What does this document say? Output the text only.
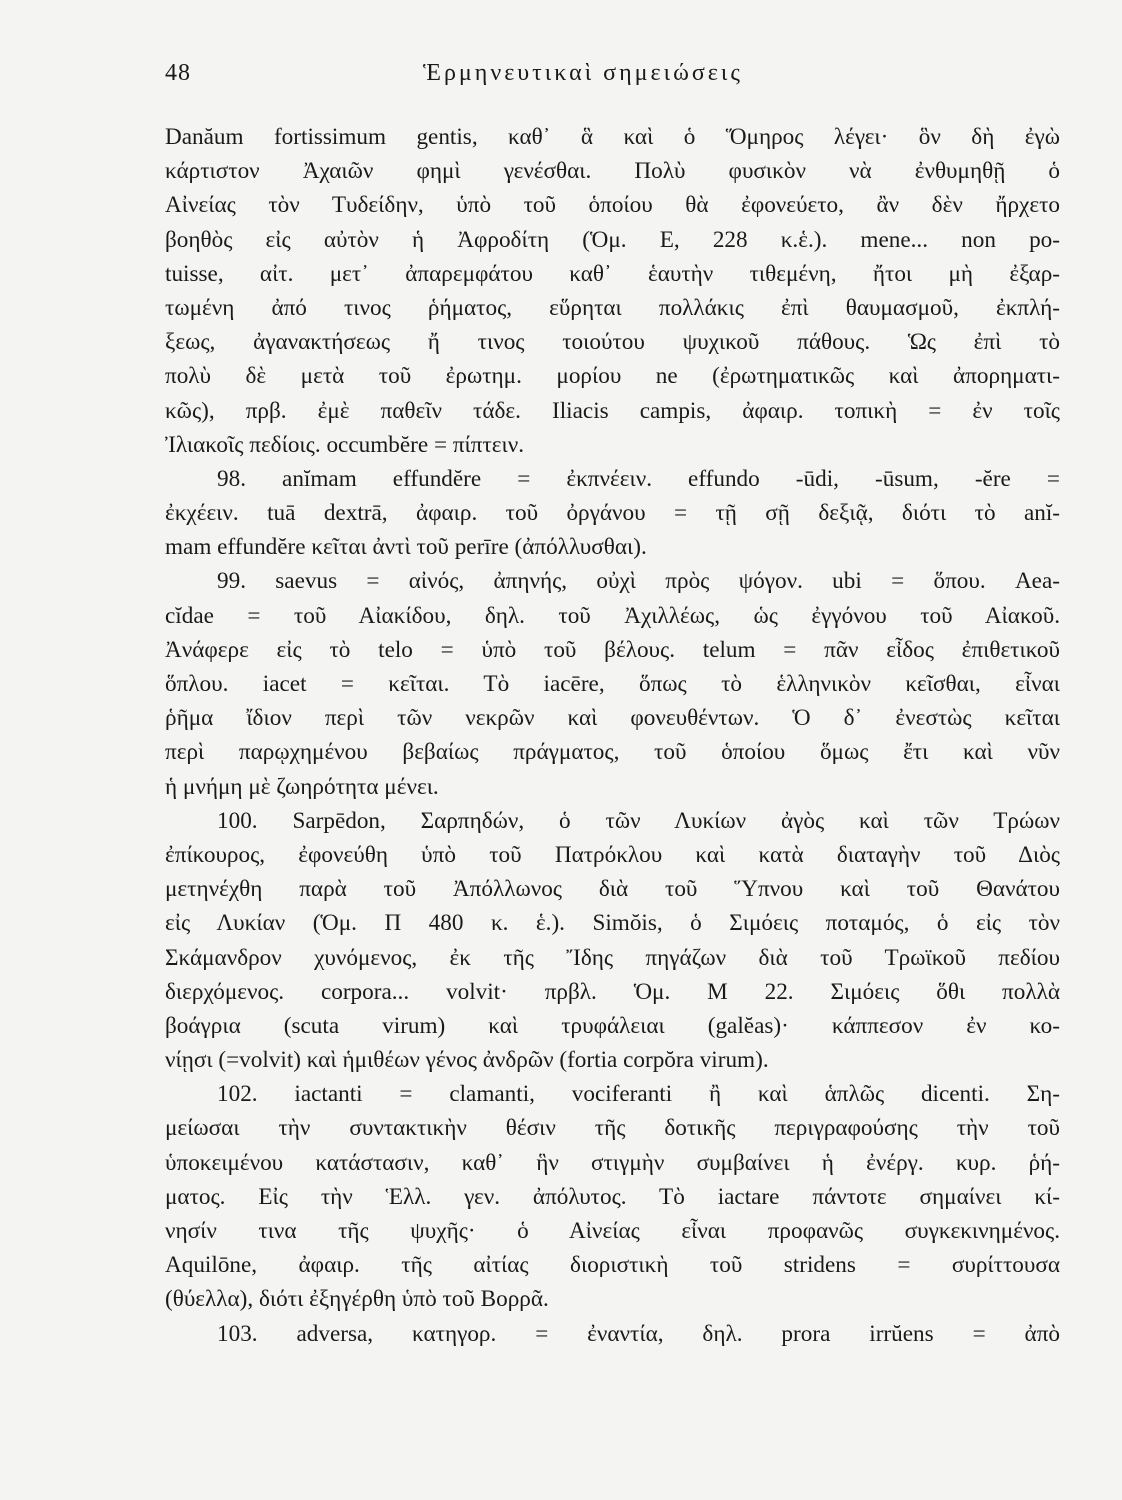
48	Ἑρμηνευτικαὶ σημειώσεις
Danăum fortissimum gentis, καθ᾽ ἃ καὶ ὁ Ὅμηρος λέγει· ὃν δὴ ἐγὼ
κάρτιστον Ἀχαιῶν φημὶ γενέσθαι. Πολὺ φυσικὸν νὰ ἐνθυμηθῇ ὁ
Αἰνείας τὸν Τυδείδην, ὑπὸ τοῦ ὁποίου θὰ ἐφονεύετο, ἂν δὲν ἤρχετο
βοηθὸς εἰς αὐτὸν ἡ Ἀφροδίτη (Ὁμ. Ε, 228 κ.ἑ.). mene... non po-
tuisse, αἰτ. μετ᾽ ἀπαρεμφάτου καθ᾽ ἑαυτὴν τιθεμένη, ἤτοι μὴ ἐξαρ-
τωμένη ἀπό τινος ῥήματος, εὕρηται πολλάκις ἐπὶ θαυμασμοῦ, ἐκπλή-
ξεως, ἀγανακτήσεως ἤ τινος τοιούτου ψυχικοῦ πάθους. Ὡς ἐπὶ τὸ
πολὺ δὲ μετὰ τοῦ ἐρωτημ. μορίου ne (ἐρωτηματικῶς καὶ ἀπορηματι-
κῶς), πρβ. ἐμὲ παθεῖν τάδε. Iliacis campis, ἀφαιρ. τοπικὴ = ἐν τοῖς
Ἰλιακοῖς πεδίοις. occumbĕre = πίπτειν.
98. anĭmam effundĕre = ἐκπνέειν. effundo -ūdi, -ūsum, -ĕre =
ἐκχέειν. tuā dextrā, ἀφαιρ. τοῦ ὀργάνου = τῇ σῇ δεξιᾷ, διότι τὸ anĭ-
mam effundĕre κεῖται ἀντὶ τοῦ perīre (ἀπόλλυσθαι).
99. saevus = αἰνός, ἀπηνής, οὐχὶ πρὸς ψόγον. ubi = ὅπου. Aea-
cĭdae = τοῦ Αἰακίδου, δηλ. τοῦ Ἀχιλλέως, ὡς ἐγγόνου τοῦ Αἰακοῦ.
Ἀνάφερε εἰς τὸ telo = ὑπὸ τοῦ βέλους. telum = πᾶν εἶδος ἐπιθετικοῦ
ὅπλου. iacet = κεῖται. Τὸ iacēre, ὅπως τὸ ἑλληνικὸν κεῖσθαι, εἶναι
ῥῆμα ἴδιον περὶ τῶν νεκρῶν καὶ φονευθέντων. Ὁ δ᾽ ἐνεστὼς κεῖται
περὶ παρῳχημένου βεβαίως πράγματος, τοῦ ὁποίου ὅμως ἔτι καὶ νῦν
ἡ μνήμη μὲ ζωηρότητα μένει.
100. Sarpēdon, Σαρπηδών, ὁ τῶν Λυκίων ἀγὸς καὶ τῶν Τρώων
ἐπίκουρος, ἐφονεύθη ὑπὸ τοῦ Πατρόκλου καὶ κατὰ διαταγὴν τοῦ Διὸς
μετηνέχθη παρὰ τοῦ Ἀπόλλωνος διὰ τοῦ Ὕπνου καὶ τοῦ Θανάτου
εἰς Λυκίαν (Ὁμ. Π 480 κ. ἑ.). Simŏis, ὁ Σιμόεις ποταμός, ὁ εἰς τὸν
Σκάμανδρον χυνόμενος, ἐκ τῆς Ἴδης πηγάζων διὰ τοῦ Τρωϊκοῦ πεδίου
διερχόμενος. corpora... volvit· πρβλ. Ὁμ. Μ 22. Σιμόεις ὅθι πολλὰ
βοάγρια (scuta virum) καὶ τρυφάλειαι (galĕas)· κάππεσον ἐν κο-
νίῃσι (=volvit) καὶ ἡμιθέων γένος ἀνδρῶν (fortia corpŏra virum).
102. iactanti = clamanti, vociferanti ἢ καὶ ἁπλῶς dicenti. Ση-
μείωσαι τὴν συντακτικὴν θέσιν τῆς δοτικῆς περιγραφούσης τὴν τοῦ
ὑποκειμένου κατάστασιν, καθ᾽ ἣν στιγμὴν συμβαίνει ἡ ἐνέργ. κυρ. ῥή-
ματος. Εἰς τὴν Ἑλλ. γεν. ἀπόλυτος. Τὸ iactare πάντοτε σημαίνει κί-
νησίν τινα τῆς ψυχῆς· ὁ Αἰνείας εἶναι προφανῶς συγκεκινημένος.
Aquilōne, ἀφαιρ. τῆς αἰτίας διοριστικὴ τοῦ stridens = συρίττουσα
(θύελλα), διότι ἐξηγέρθη ὑπὸ τοῦ Βορρᾶ.
103. adversa, κατηγορ. = ἐναντία, δηλ. prora irrŭens = ἀπὸ
